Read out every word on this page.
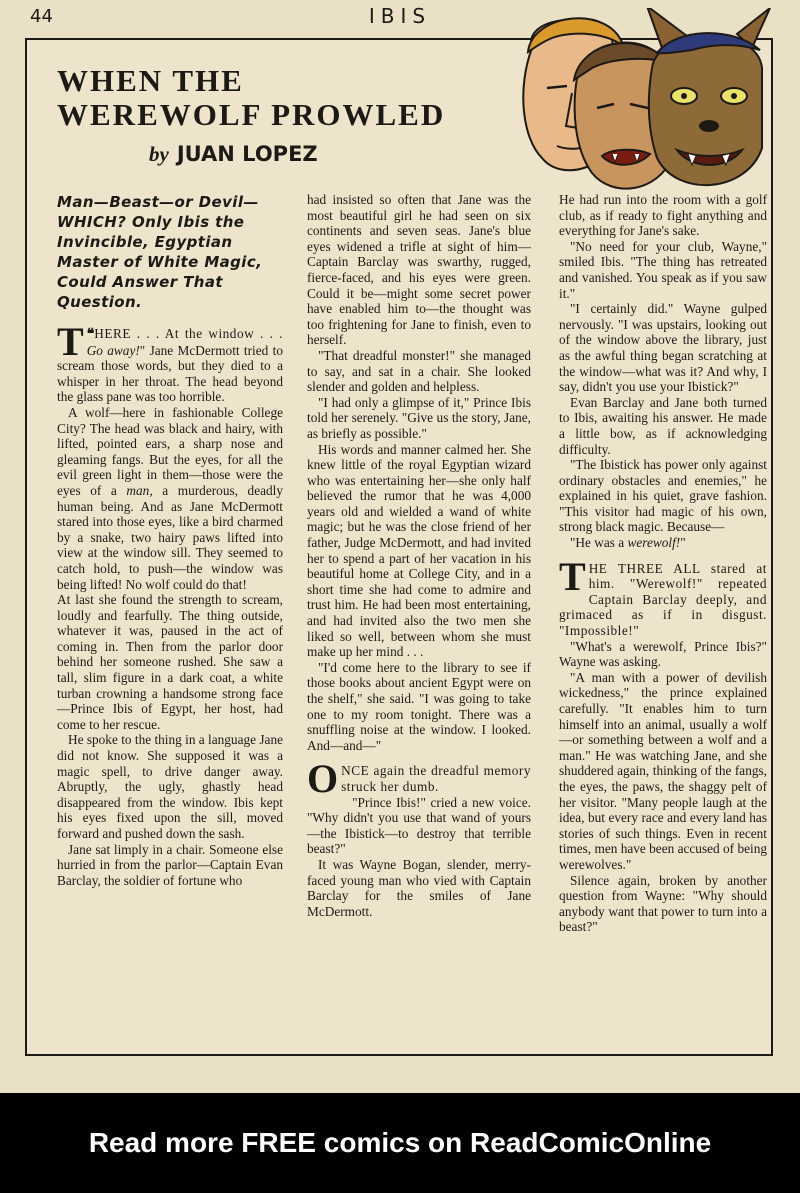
44	IBIS
WHEN THE
WEREWOLF PROWLED
by JUAN LOPEZ
Man—Beast—or Devil—WHICH? Only Ibis the Invincible, Egyptian Master of White Magic, Could Answer That Question.

❝
T HERE . . . At the window . . . Go away!" Jane McDermott tried to scream those words, but they died to a whisper in her throat. The head beyond the glass pane was too horrible.

A wolf—here in fashionable College City? The head was black and hairy, with lifted, pointed ears, a sharp nose and gleaming fangs. But the eyes, for all the evil green light in them—those were the eyes of a man, a murderous, deadly human being. And as Jane McDermott stared into those eyes, like a bird charmed by a snake, two hairy paws lifted into view at the window sill. They seemed to catch hold, to push—the window was being lifted! No wolf could do that!

At last she found the strength to scream, loudly and fearfully. The thing outside, whatever it was, paused in the act of coming in. Then from the parlor door behind her someone rushed. She saw a tall, slim figure in a dark coat, a white turban crowning a handsome strong face—Prince Ibis of Egypt, her host, had come to her rescue.

He spoke to the thing in a language Jane did not know. She supposed it was a magic spell, to drive danger away. Abruptly, the ugly, ghastly head disappeared from the window. Ibis kept his eyes fixed upon the sill, moved forward and pushed down the sash.

Jane sat limply in a chair. Someone else hurried in from the parlor—Captain Evan Barclay, the soldier of fortune who

had insisted so often that Jane was the most beautiful girl he had seen on six continents and seven seas. Jane's blue eyes widened a trifle at sight of him—Captain Barclay was swarthy, rugged, fierce-faced, and his eyes were green. Could it be—might some secret power have enabled him to—the thought was too frightening for Jane to finish, even to herself.

"That dreadful monster!" she managed to say, and sat in a chair. She looked slender and golden and helpless.

"I had only a glimpse of it," Prince Ibis told her serenely. "Give us the story, Jane, as briefly as possible."

His words and manner calmed her. She knew little of the royal Egyptian wizard who was entertaining her—she only half believed the rumor that he was 4,000 years old and wielded a wand of white magic; but he was the close friend of her father, Judge McDermott, and had invited her to spend a part of her vacation in his beautiful home at College City, and in a short time she had come to admire and trust him. He had been most entertaining, and had invited also the two men she liked so well, between whom she must make up her mind . . .

"I'd come here to the library to see if those books about ancient Egypt were on the shelf," she said. "I was going to take one to my room tonight. There was a snuffling noise at the window. I looked. And—and—"

ONCE again the dreadful memory struck her dumb.

"Prince Ibis!" cried a new voice. "Why didn't you use that wand of yours—the Ibistick—to destroy that terrible beast?"

It was Wayne Bogan, slender, merry-faced young man who vied with Captain Barclay for the smiles of Jane McDermott.

He had run into the room with a golf club, as if ready to fight anything and everything for Jane's sake.

"No need for your club, Wayne," smiled Ibis. "The thing has retreated and vanished. You speak as if you saw it."

"I certainly did." Wayne gulped nervously. "I was upstairs, looking out of the window above the library, just as the awful thing began scratching at the window—what was it? And why, I say, didn't you use your Ibistick?"

Evan Barclay and Jane both turned to Ibis, awaiting his answer. He made a little bow, as if acknowledging difficulty.

"The Ibistick has power only against ordinary obstacles and enemies," he explained in his quiet, grave fashion. "This visitor had magic of his own, strong black magic. Because—

"He was a werewolf!"

THE THREE ALL stared at him. "Werewolf!" repeated Captain Barclay deeply, and grimaced as if in disgust. "Impossible!"

"What's a werewolf, Prince Ibis?" Wayne was asking.

"A man with a power of devilish wickedness," the prince explained carefully. "It enables him to turn himself into an animal, usually a wolf—or something between a wolf and a man." He was watching Jane, and she shuddered again, thinking of the fangs, the eyes, the paws, the shaggy pelt of her visitor. "Many people laugh at the idea, but every race and every land has stories of such things. Even in recent times, men have been accused of being werewolves."

Silence again, broken by another question from Wayne: "Why should anybody want that power to turn into a beast?"

Read more FREE comics on ReadComicOnline
